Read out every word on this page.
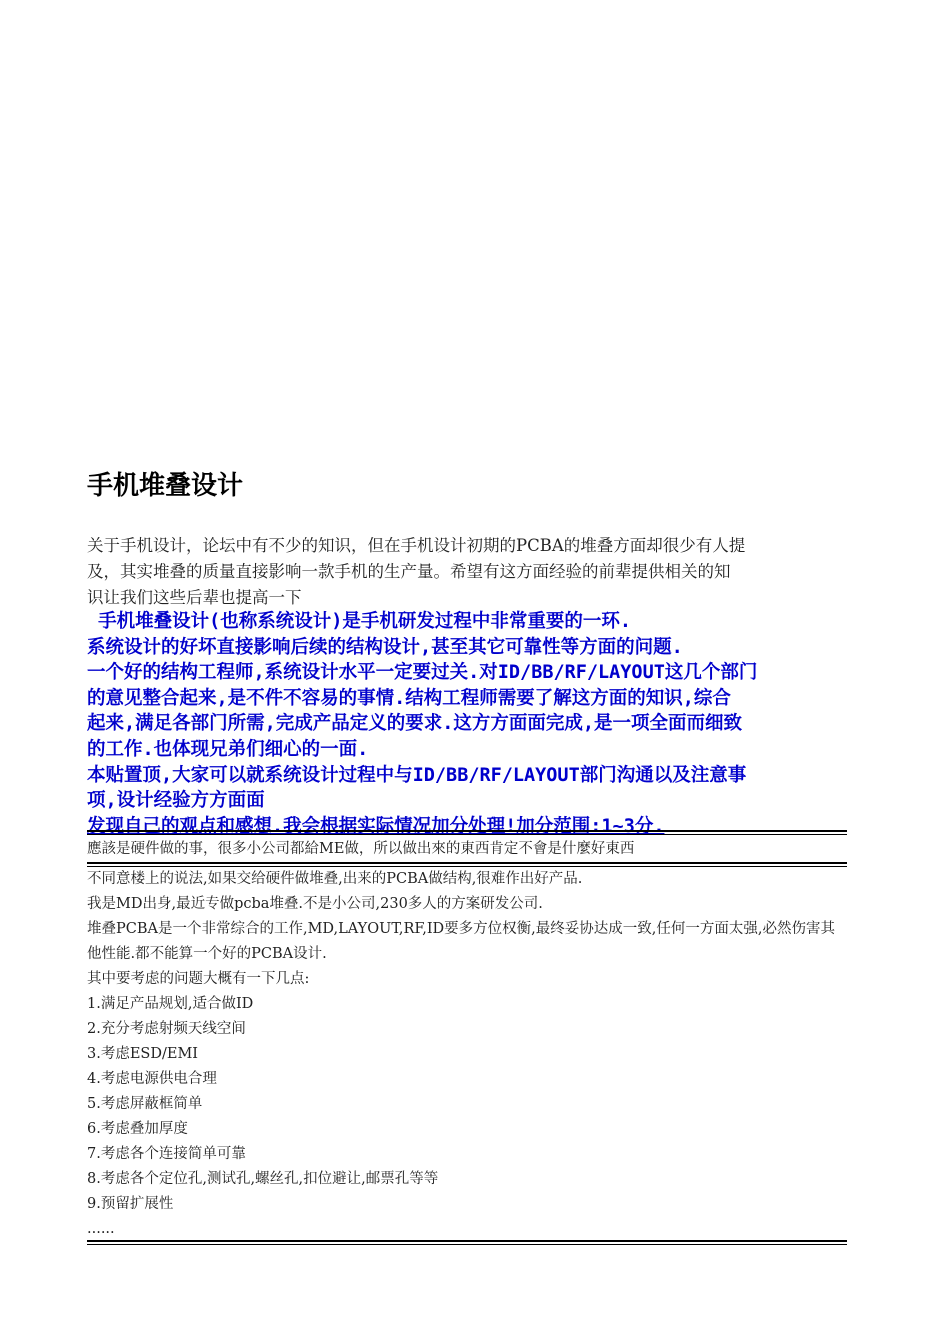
手机堆叠设计
关于手机设计，论坛中有不少的知识，但在手机设计初期的PCBA的堆叠方面却很少有人提
及，其实堆叠的质量直接影响一款手机的生产量。希望有这方面经验的前辈提供相关的知
识让我们这些后辈也提高一下
手机堆叠设计(也称系统设计)是手机研发过程中非常重要的一环.
系统设计的好坏直接影响后续的结构设计,甚至其它可靠性等方面的问题.
一个好的结构工程师,系统设计水平一定要过关.对ID/BB/RF/LAYOUT这几个部门
的意见整合起来,是不件不容易的事情.结构工程师需要了解这方面的知识,综合
起来,满足各部门所需,完成产品定义的要求.这方方面面完成,是一项全面而细致
的工作.也体现兄弟们细心的一面.
本贴置顶,大家可以就系统设计过程中与ID/BB/RF/LAYOUT部门沟通以及注意事
项,设计经验方方面面
发现自己的观点和感想.我会根据实际情况加分处理!加分范围:1~3分.
應該是硬件做的事，很多小公司都給ME做，所以做出來的東西肯定不會是什麼好東西
不同意楼上的说法,如果交给硬件做堆叠,出来的PCBA做结构,很难作出好产品.
我是MD出身,最近专做pcba堆叠.不是小公司,230多人的方案研发公司.
堆叠PCBA是一个非常综合的工作,MD,LAYOUT,RF,ID要多方位权衡,最终妥协达成一致,任何一方面太强,必然伤害其他性能.都不能算一个好的PCBA设计.
其中要考虑的问题大概有一下几点:
1.满足产品规划,适合做ID
2.充分考虑射频天线空间
3.考虑ESD/EMI
4.考虑电源供电合理
5.考虑屏蔽框简单
6.考虑叠加厚度
7.考虑各个连接简单可靠
8.考虑各个定位孔,测试孔,螺丝孔,扣位避让,邮票孔等等
9.预留扩展性
......
